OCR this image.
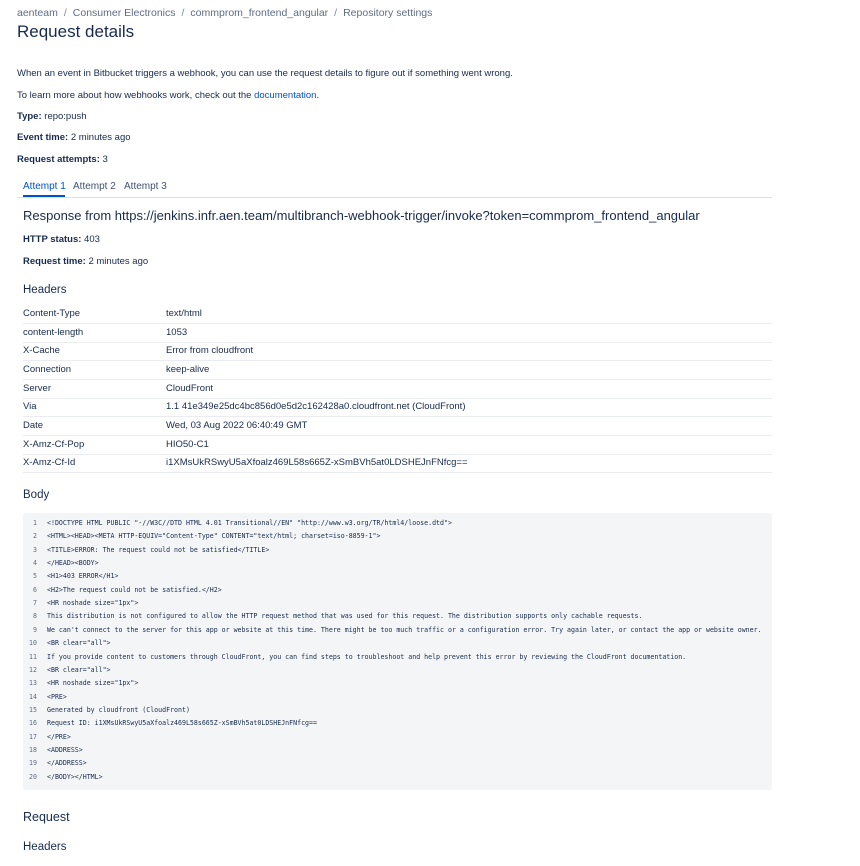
aenteam / Consumer Electronics / commprom_frontend_angular / Repository settings
Request details
When an event in Bitbucket triggers a webhook, you can use the request details to figure out if something went wrong.
To learn more about how webhooks work, check out the documentation.
Type: repo:push
Event time: 2 minutes ago
Request attempts: 3
Attempt 1 Attempt 2 Attempt 3
Response from https://jenkins.infr.aen.team/multibranch-webhook-trigger/invoke?token=commprom_frontend_angular
HTTP status: 403
Request time: 2 minutes ago
Headers
Content-Type	text/html
content-length	1053
X-Cache	Error from cloudfront
Connection	keep-alive
Server	CloudFront
Via	1.1 41e349e25dc4bc856d0e5d2c162428a0.cloudfront.net (CloudFront)
Date	Wed, 03 Aug 2022 06:40:49 GMT
X-Amz-Cf-Pop	HIO50-C1
X-Amz-Cf-Id	i1XMsUkRSwyU5aXfoalz469L58s665Z-xSmBVh5at0LDSHEJnFNfcg==
Body
1 <!DOCTYPE HTML PUBLIC "-//W3C//DTD HTML 4.01 Transitional//EN" "http://www.w3.org/TR/html4/loose.dtd">
2 <HTML><HEAD><META HTTP-EQUIV="Content-Type" CONTENT="text/html; charset=iso-8859-1">
3 <TITLE>ERROR: The request could not be satisfied</TITLE>
4 </HEAD><BODY>
5 <H1>403 ERROR</H1>
6 <H2>The request could not be satisfied.</H2>
7 <HR noshade size="1px">
8 This distribution is not configured to allow the HTTP request method that was used for this request. The distribution supports only cachable requests.
9 We can't connect to the server for this app or website at this time. There might be too much traffic or a configuration error. Try again later, or contact the app or website owner.
10 <BR clear="all">
11 If you provide content to customers through CloudFront, you can find steps to troubleshoot and help prevent this error by reviewing the CloudFront documentation.
12 <BR clear="all">
13 <HR noshade size="1px">
14 <PRE>
15 Generated by cloudfront (CloudFront)
16 Request ID: i1XMsUkRSwyU5aXfoalz469L58s665Z-xSmBVh5at0LDSHEJnFNfcg==
17 </PRE>
18 <ADDRESS>
19 </ADDRESS>
20 </BODY></HTML>
Request
Headers
